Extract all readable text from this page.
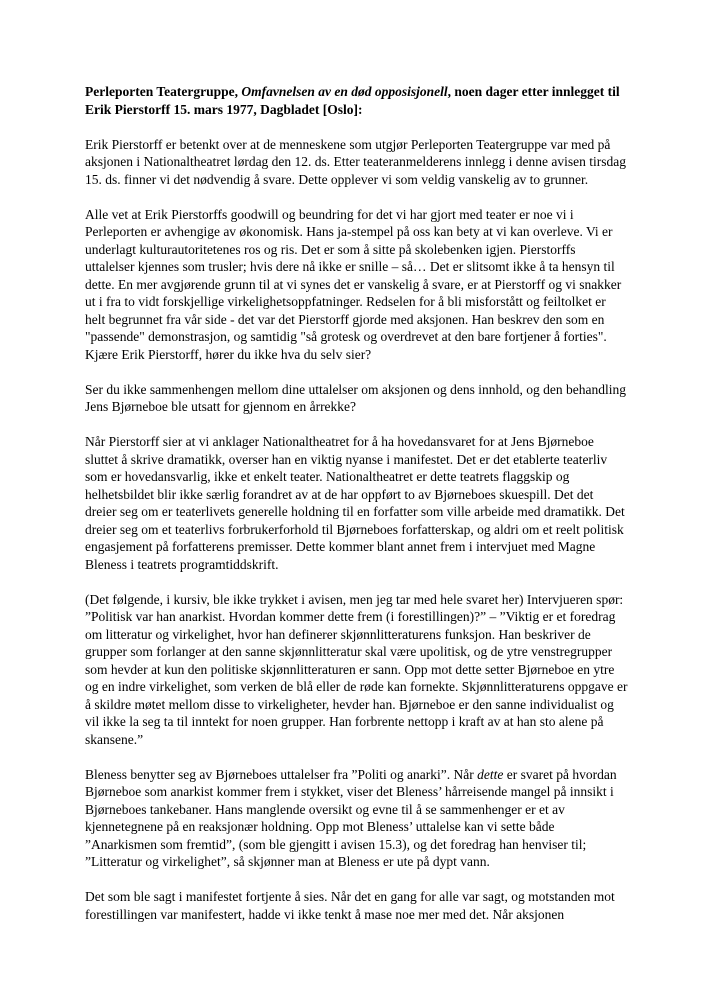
Perleporten Teatergruppe, Omfavnelsen av en død opposisjonell, noen dager etter innlegget til Erik Pierstorff 15. mars 1977, Dagbladet [Oslo]:

Erik Pierstorff er betenkt over at de menneskene som utgjør Perleporten Teatergruppe var med på aksjonen i Nationaltheatret lørdag den 12. ds. Etter teateranmelderens innlegg i denne avisen tirsdag 15. ds. finner vi det nødvendig å svare. Dette opplever vi som veldig vanskelig av to grunner.

Alle vet at Erik Pierstorffs goodwill og beundring for det vi har gjort med teater er noe vi i Perleporten er avhengige av økonomisk. Hans ja-stempel på oss kan bety at vi kan overleve. Vi er underlagt kulturautoritetenes ros og ris. Det er som å sitte på skolebenken igjen. Pierstorffs uttalelser kjennes som trusler; hvis dere nå ikke er snille – så… Det er slitsomt ikke å ta hensyn til dette. En mer avgjørende grunn til at vi synes det er vanskelig å svare, er at Pierstorff og vi snakker ut i fra to vidt forskjellige virkelighetsoppfatninger. Redselen for å bli misforstått og feiltolket er helt begrunnet fra vår side - det var det Pierstorff gjorde med aksjonen. Han beskrev den som en "passende" demonstrasjon, og samtidig "så grotesk og overdrevet at den bare fortjener å forties". Kjære Erik Pierstorff, hører du ikke hva du selv sier?

Ser du ikke sammenhengen mellom dine uttalelser om aksjonen og dens innhold, og den behandling Jens Bjørneboe ble utsatt for gjennom en årrekke?

Når Pierstorff sier at vi anklager Nationaltheatret for å ha hovedansvaret for at Jens Bjørneboe sluttet å skrive dramatikk, overser han en viktig nyanse i manifestet. Det er det etablerte teaterliv som er hovedansvarlig, ikke et enkelt teater. Nationaltheatret er dette teatrets flaggskip og helhetsbildet blir ikke særlig forandret av at de har oppført to av Bjørneboes skuespill. Det det dreier seg om er teaterlivets generelle holdning til en forfatter som ville arbeide med dramatikk. Det dreier seg om et teaterlivs forbrukerforhold til Bjørneboes forfatterskap, og aldri om et reelt politisk engasjement på forfatterens premisser. Dette kommer blant annet frem i intervjuet med Magne Bleness i teatrets programtiddskrift.

(Det følgende, i kursiv, ble ikke trykket i avisen, men jeg tar med hele svaret her) Intervjueren spør: ”Politisk var han anarkist. Hvordan kommer dette frem (i forestillingen)?” – ”Viktig er et foredrag om litteratur og virkelighet, hvor han definerer skjønnlitteraturens funksjon. Han beskriver de grupper som forlanger at den sanne skjønnlitteratur skal være upolitisk, og de ytre venstregrupper som hevder at kun den politiske skjønnlitteraturen er sann. Opp mot dette setter Bjørneboe en ytre og en indre virkelighet, som verken de blå eller de røde kan fornekte. Skjønnlitteraturens oppgave er å skildre møtet mellom disse to virkeligheter, hevder han. Bjørneboe er den sanne individualist og vil ikke la seg ta til inntekt for noen grupper. Han forbrente nettopp i kraft av at han sto alene på skansene.”

Bleness benytter seg av Bjørneboes uttalelser fra ”Politi og anarki”. Når dette er svaret på hvordan Bjørneboe som anarkist kommer frem i stykket, viser det Bleness’ hårreisende mangel på innsikt i Bjørneboes tankebaner. Hans manglende oversikt og evne til å se sammenhenger er et av kjennetegnene på en reaksjonær holdning. Opp mot Bleness’ uttalelse kan vi sette både ”Anarkismen som fremtid”, (som ble gjengitt i avisen 15.3), og det foredrag han henviser til; ”Litteratur og virkelighet”, så skjønner man at Bleness er ute på dypt vann.

Det som ble sagt i manifestet fortjente å sies. Når det en gang for alle var sagt, og motstanden mot forestillingen var manifestert, hadde vi ikke tenkt å mase noe mer med det. Når aksjonen
